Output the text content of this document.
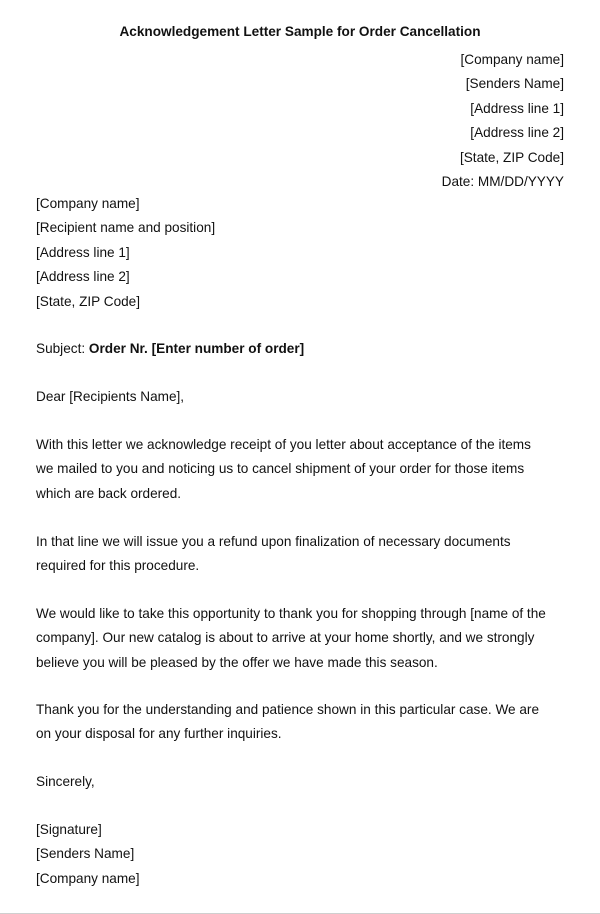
Acknowledgement Letter Sample for Order Cancellation
[Company name]
[Senders Name]
[Address line 1]
[Address line 2]
[State, ZIP Code]
Date: MM/DD/YYYY
[Company name]
[Recipient name and position]
[Address line 1]
[Address line 2]
[State, ZIP Code]
Subject: Order Nr. [Enter number of order]
Dear [Recipients Name],
With this letter we acknowledge receipt of you letter about acceptance of the items
we mailed to you and noticing us to cancel shipment of your order for those items
which are back ordered.
In that line we will issue you a refund upon finalization of necessary documents
required for this procedure.
We would like to take this opportunity to thank you for shopping through [name of the
company]. Our new catalog is about to arrive at your home shortly, and we strongly
believe you will be pleased by the offer we have made this season.
Thank you for the understanding and patience shown in this particular case. We are
on your disposal for any further inquiries.
Sincerely,
[Signature]
[Senders Name]
[Company name]
